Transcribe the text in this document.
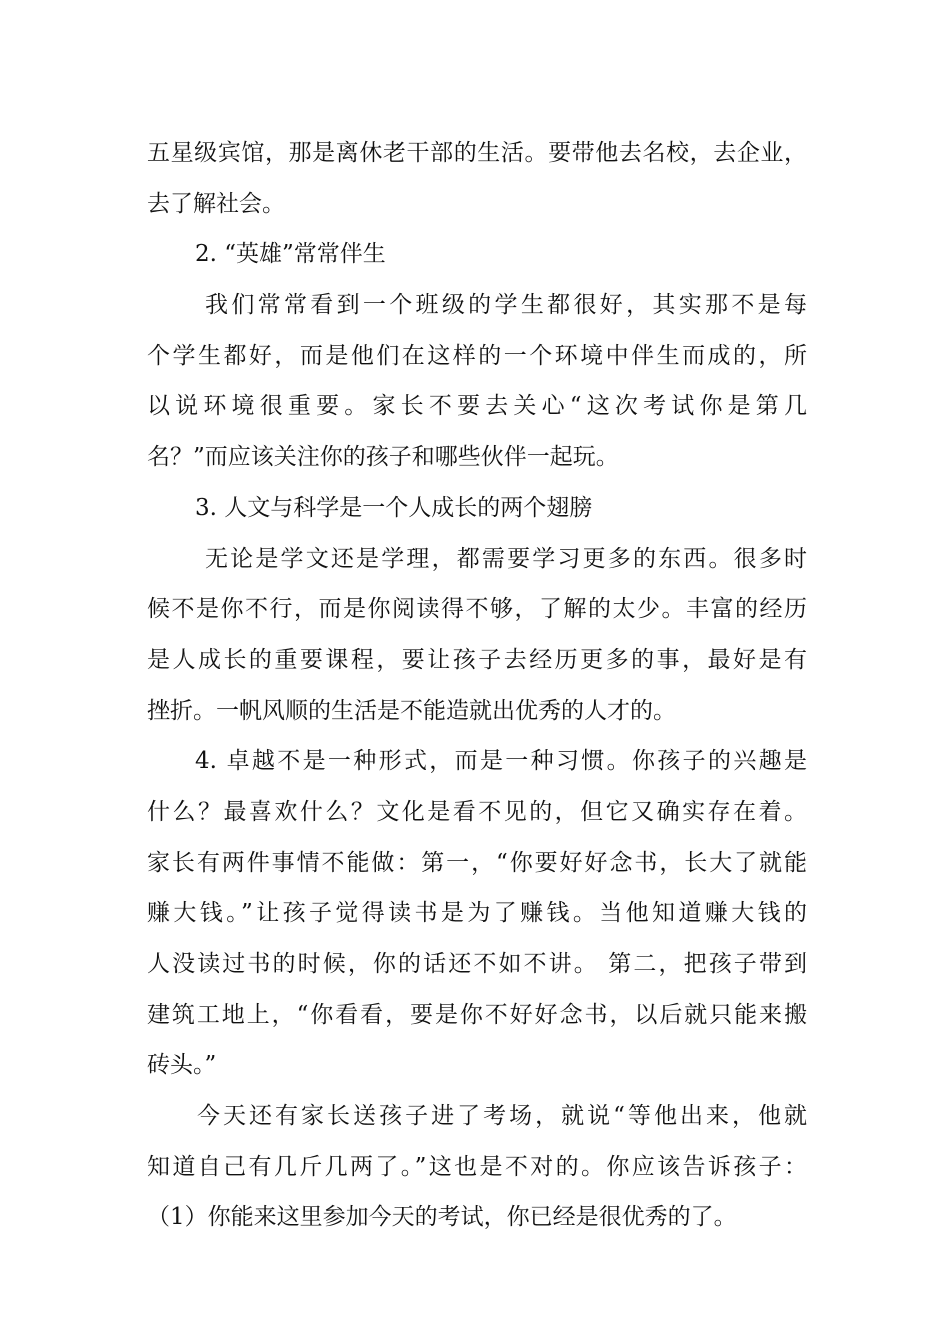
五星级宾馆，那是离休老干部的生活。要带他去名校，去企业，
去了解社会。
2. “英雄”常常伴生
我们常常看到一个班级的学生都很好，其实那不是每
个学生都好，而是他们在这样的一个环境中伴生而成的，所
以说环境很重要。家长不要去关心“这次考试你是第几
名？”而应该关注你的孩子和哪些伙伴一起玩。
3. 人文与科学是一个人成长的两个翅膀
无论是学文还是学理，都需要学习更多的东西。很多时
候不是你不行，而是你阅读得不够，了解的太少。丰富的经历
是人成长的重要课程，要让孩子去经历更多的事，最好是有
挫折。一帆风顺的生活是不能造就出优秀的人才的。
4. 卓越不是一种形式，而是一种习惯。你孩子的兴趣是
什么？最喜欢什么？文化是看不见的，但它又确实存在着。
家长有两件事情不能做：第一，“你要好好念书，长大了就能
赚大钱。”让孩子觉得读书是为了赚钱。当他知道赚大钱的
人没读过书的时候，你的话还不如不讲。 第二，把孩子带到
建筑工地上，“你看看，要是你不好好念书，以后就只能来搬
砖头。”
今天还有家长送孩子进了考场，就说“等他出来，他就
知道自己有几斤几两了。”这也是不对的。你应该告诉孩子：
（1）你能来这里参加今天的考试，你已经是很优秀的了。
